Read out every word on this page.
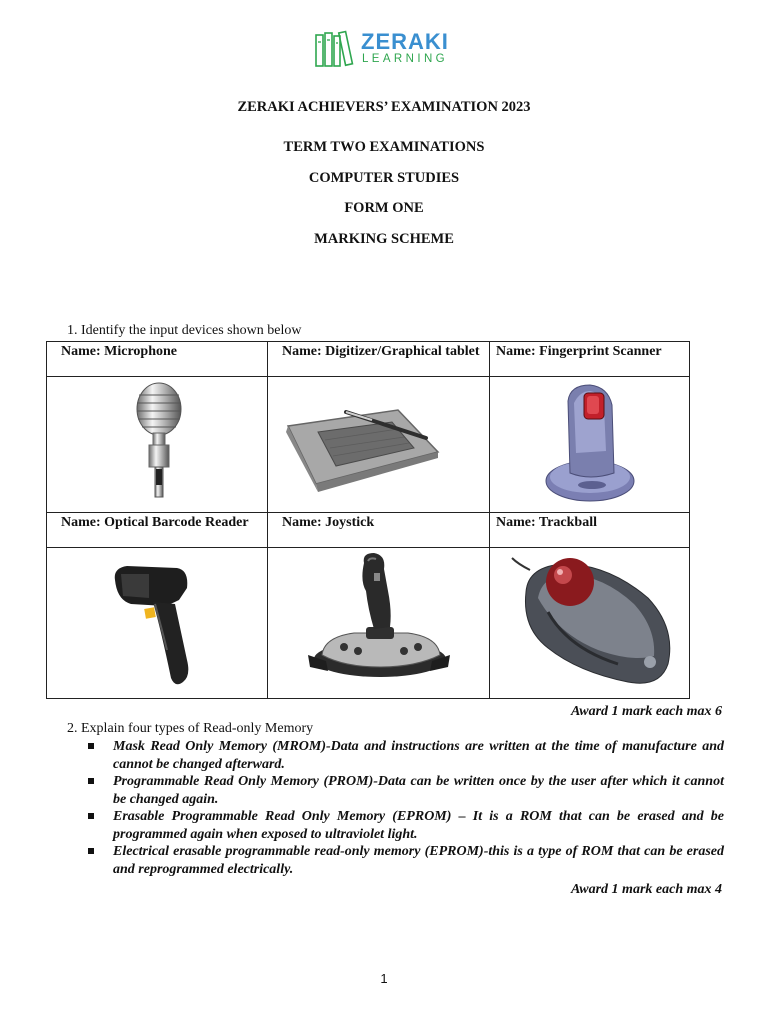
ZERAKI
LEARNING
ZERAKI ACHIEVERS’ EXAMINATION 2023
TERM TWO EXAMINATIONS
COMPUTER STUDIES
FORM ONE
MARKING SCHEME
1. Identify the input devices shown below
Name: Microphone	Name: Digitizer/Graphical tablet	Name: Fingerprint Scanner

Name: Optical Barcode Reader	Name: Joystick	Name: Trackball

Award 1 mark each max 6
2. Explain four types of Read-only Memory
Mask Read Only Memory (MROM)-Data and instructions are written at the time of manufacture and cannot be changed afterward.
Programmable Read Only Memory (PROM)-Data can be written once by the user after which it cannot be changed again.
Erasable Programmable Read Only Memory (EPROM) – It is a ROM that can be erased and be programmed again when exposed to ultraviolet light.
Electrical erasable programmable read-only memory (EPROM)-this is a type of ROM that can be erased and reprogrammed electrically.
Award 1 mark each max 4
1
